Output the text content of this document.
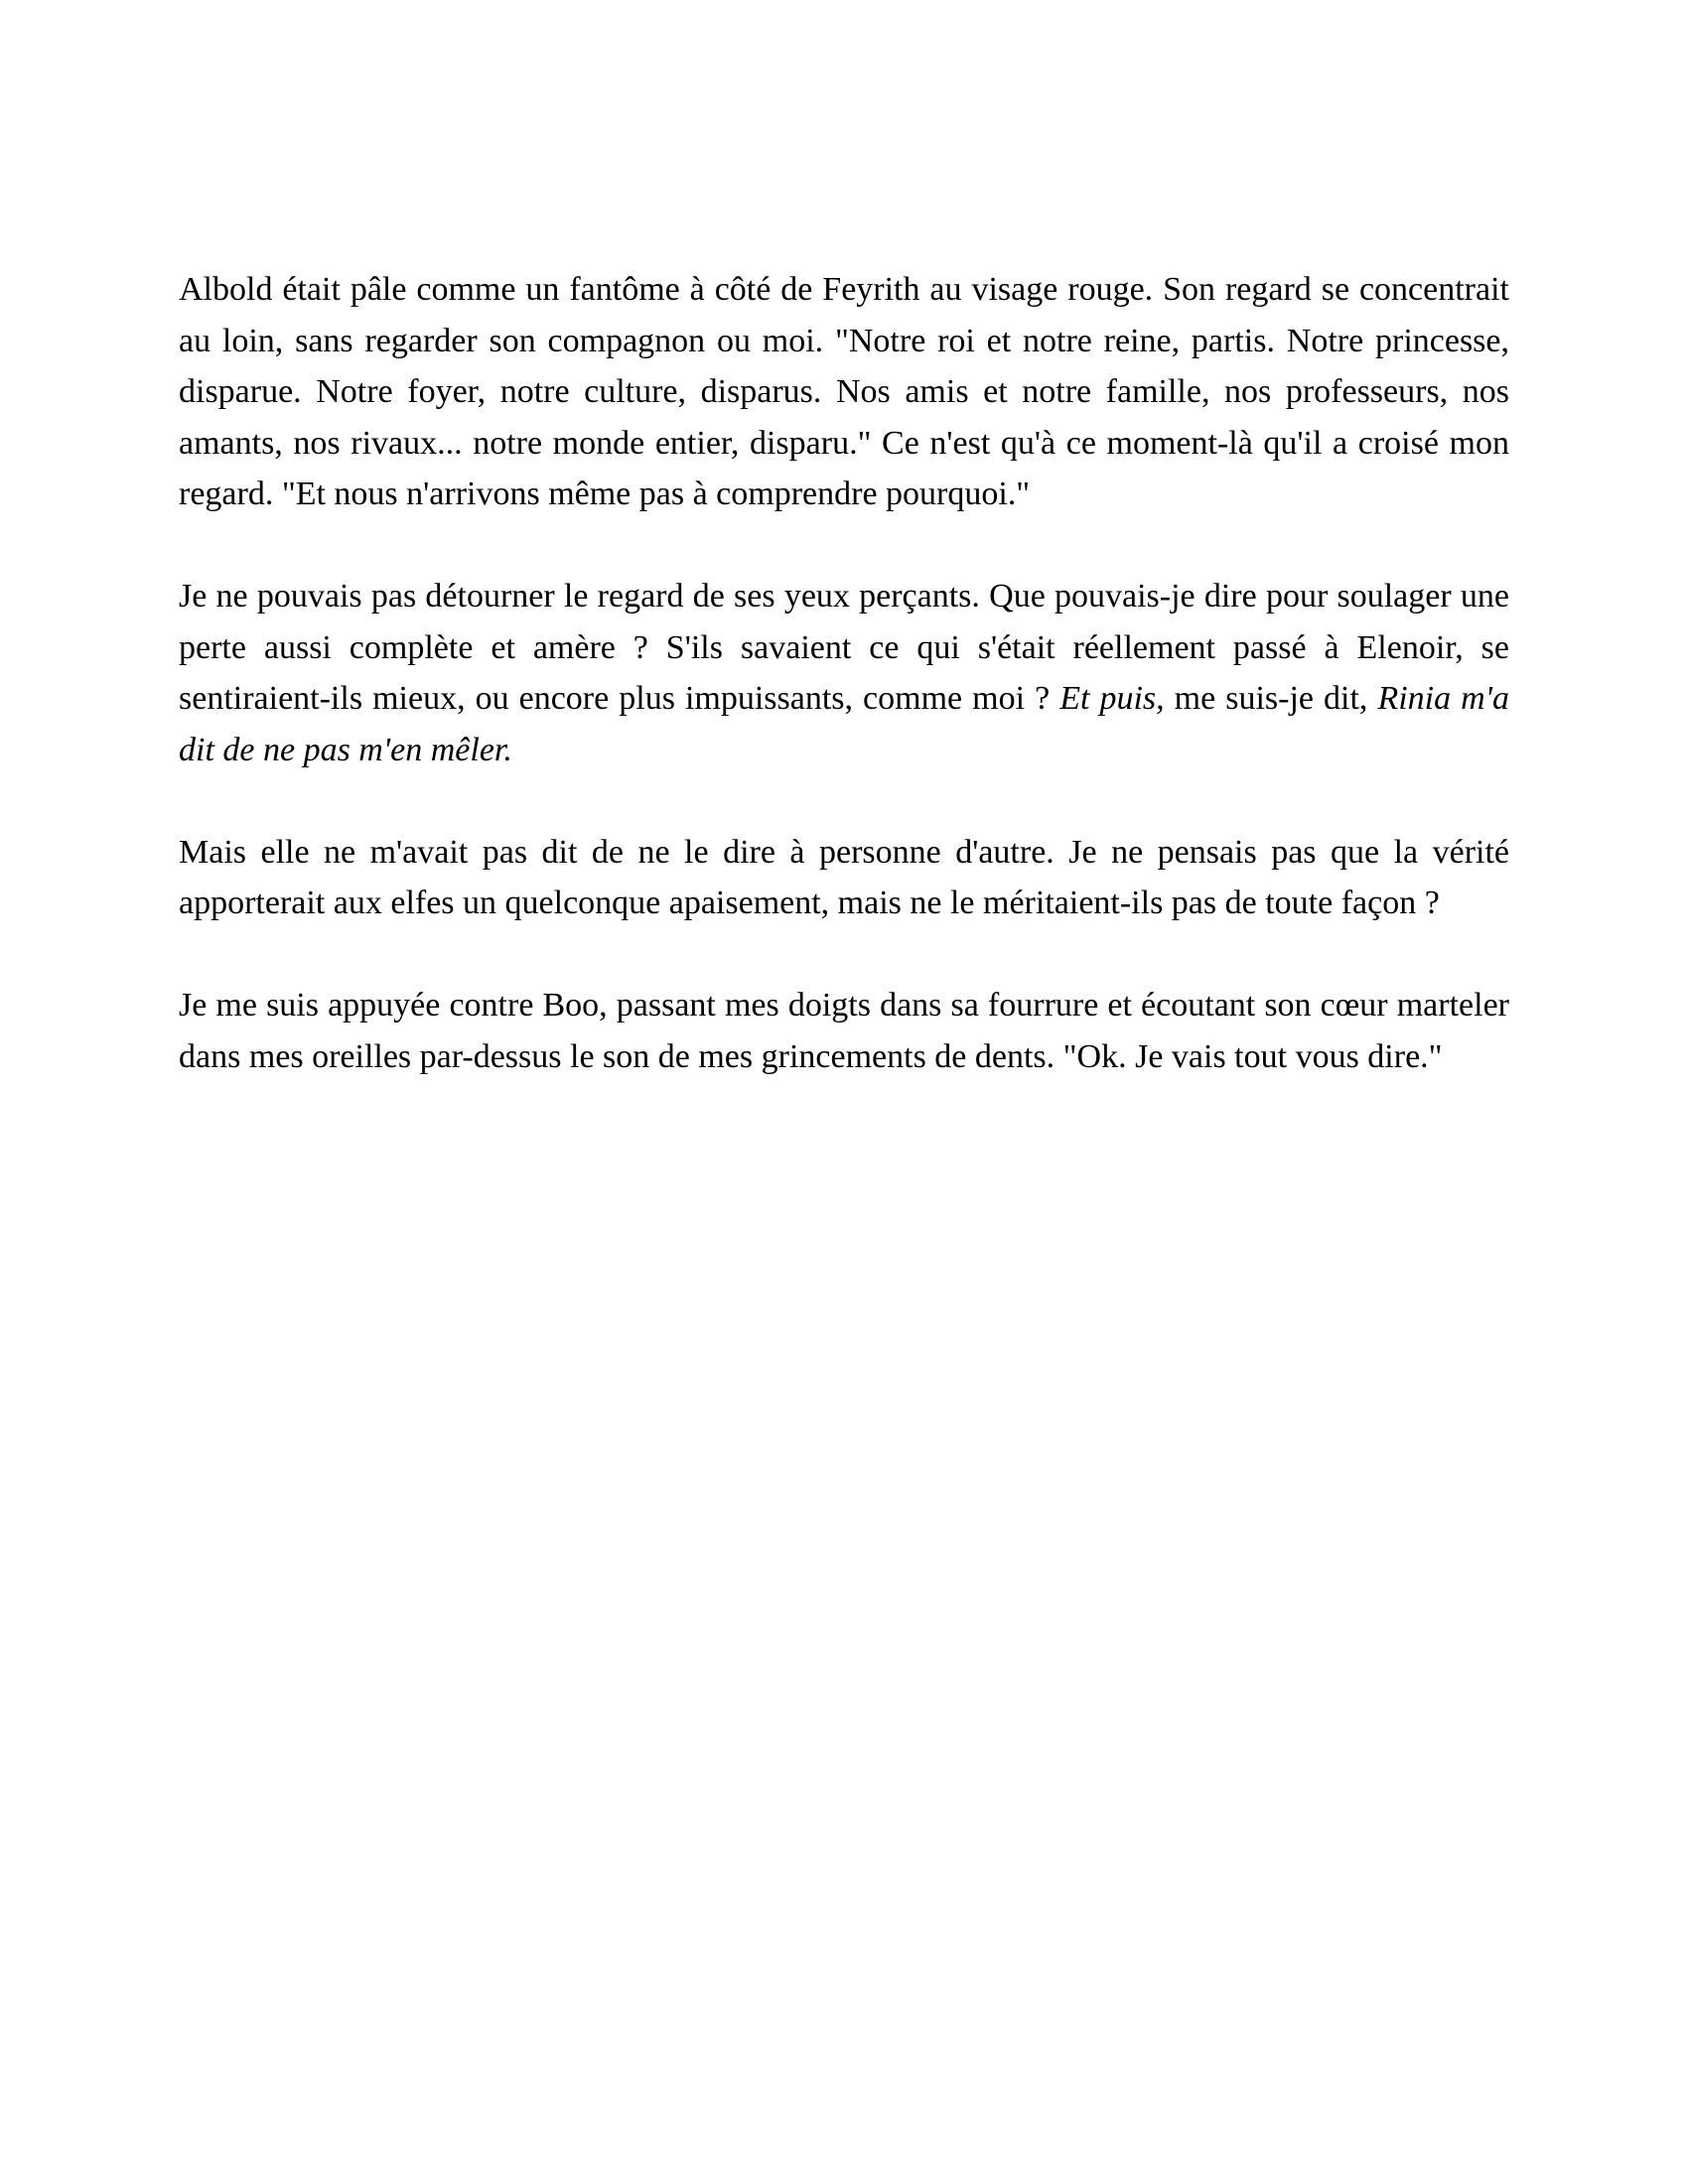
Albold était pâle comme un fantôme à côté de Feyrith au visage rouge. Son regard se concentrait au loin, sans regarder son compagnon ou moi. "Notre roi et notre reine, partis. Notre princesse, disparue. Notre foyer, notre culture, disparus. Nos amis et notre famille, nos professeurs, nos amants, nos rivaux... notre monde entier, disparu." Ce n'est qu'à ce moment-là qu'il a croisé mon regard. "Et nous n'arrivons même pas à comprendre pourquoi."

Je ne pouvais pas détourner le regard de ses yeux perçants. Que pouvais-je dire pour soulager une perte aussi complète et amère ? S'ils savaient ce qui s'était réellement passé à Elenoir, se sentiraient-ils mieux, ou encore plus impuissants, comme moi ? Et puis, me suis-je dit, Rinia m'a dit de ne pas m'en mêler.

Mais elle ne m'avait pas dit de ne le dire à personne d'autre. Je ne pensais pas que la vérité apporterait aux elfes un quelconque apaisement, mais ne le méritaient-ils pas de toute façon ?

Je me suis appuyée contre Boo, passant mes doigts dans sa fourrure et écoutant son cœur marteler dans mes oreilles par-dessus le son de mes grincements de dents. "Ok. Je vais tout vous dire."
